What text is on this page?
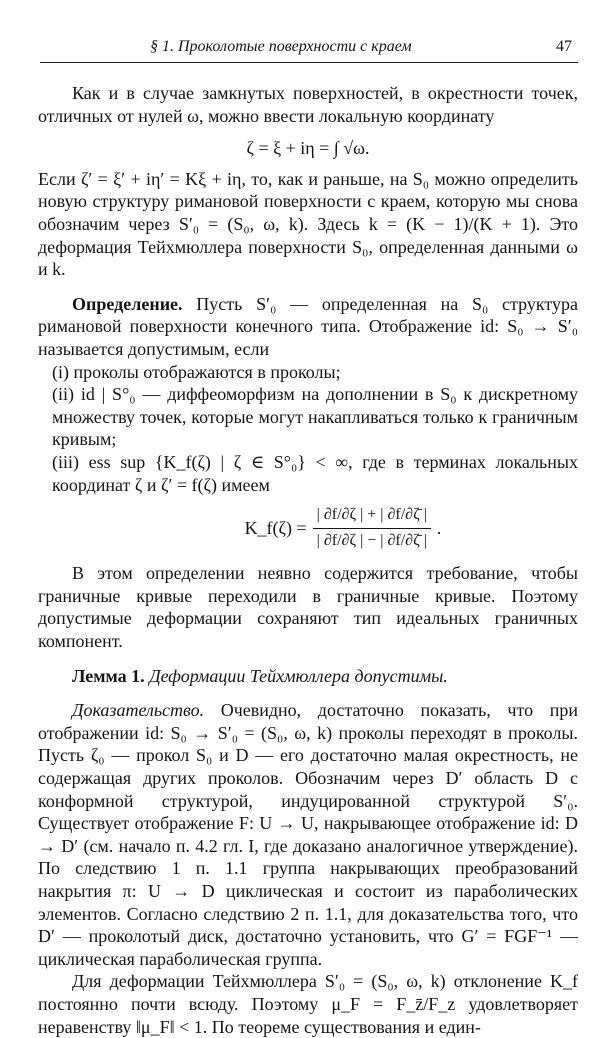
§ 1. Проколотые поверхности с краем	47

Как и в случае замкнутых поверхностей, в окрестности точек, отличных от нулей ω, можно ввести локальную координату

ζ = ξ + iη = ∫ √ω.

Если ζ′ = ξ′ + iη′ = Kξ + iη, то, как и раньше, на S₀ можно определить новую структуру римановой поверхности с краем, которую мы снова обозначим через S′₀ = (S₀, ω, k). Здесь k = (K − 1)/(K + 1). Это деформация Тейхмюллера поверхности S₀, определенная данными ω и k.

Определение. Пусть S′₀ — определенная на S₀ структура римановой поверхности конечного типа. Отображение id: S₀ → S′₀ называется допустимым, если

(i) проколы отображаются в проколы;

(ii) id | S°₀ — диффеоморфизм на дополнении в S₀ к дискретному множеству точек, которые могут накапливаться только к граничным кривым;

(iii) ess sup {K_f(ζ) | ζ ∈ S°₀} < ∞, где в терминах локальных координат ζ и ζ′ = f(ζ) имеем

K_f(ζ) = $\frac{| \partial f/\partial\zeta | + | \partial f/\partial\zetā |}{| \partial f/\partial\zeta | - | \partial f/\partial\zetā |}$ .

В этом определении неявно содержится требование, чтобы граничные кривые переходили в граничные кривые. Поэтому допустимые деформации сохраняют тип идеальных граничных компонент.

Лемма 1. Деформации Тейхмюллера допустимы.

Доказательство. Очевидно, достаточно показать, что при отображении id: S₀ → S′₀ = (S₀, ω, k) проколы переходят в проколы. Пусть ζ₀ — прокол S₀ и D — его достаточно малая окрестность, не содержащая других проколов. Обозначим через D′ область D с конформной структурой, индуцированной структурой S′₀. Существует отображение F: U → U, накрывающее отображение id: D → D′ (см. начало п. 4.2 гл. I, где доказано аналогичное утверждение). По следствию 1 п. 1.1 группа накрывающих преобразований накрытия π: U → D циклическая и состоит из параболических элементов. Согласно следствию 2 п. 1.1, для доказательства того, что D′ — проколотый диск, достаточно установить, что G′ = FGF⁻¹ — циклическая параболическая группа.

Для деформации Тейхмюллера S′₀ = (S₀, ω, k) отклонение K_f постоянно почти всюду. Поэтому μ_F = F_z̄/F_z удовлетворяет неравенству ‖μ_F‖ < 1. По теореме существования и един-
